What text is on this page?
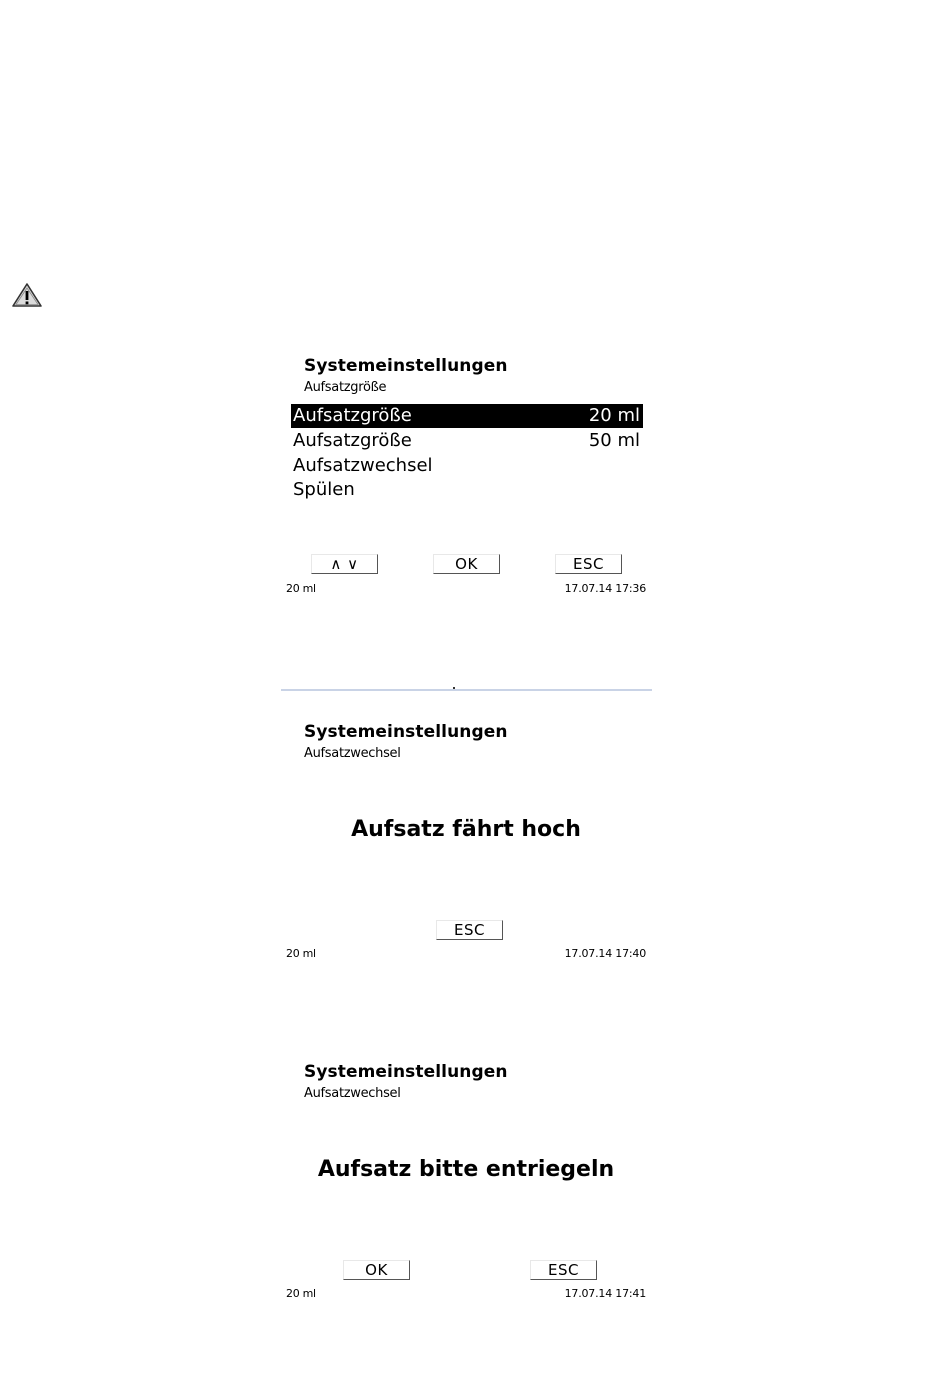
Systemeinstellungen
Aufsatzgröße
Aufsatzgröße	20 ml
Aufsatzgröße	50 ml
Aufsatzwechsel
Spülen
∧ ∨	OK	ESC
20 ml	17.07.14 17:36
Systemeinstellungen
Aufsatzwechsel
Aufsatz fährt hoch
ESC
20 ml	17.07.14 17:40
Systemeinstellungen
Aufsatzwechsel
Aufsatz bitte entriegeln
OK	ESC
20 ml	17.07.14 17:41
